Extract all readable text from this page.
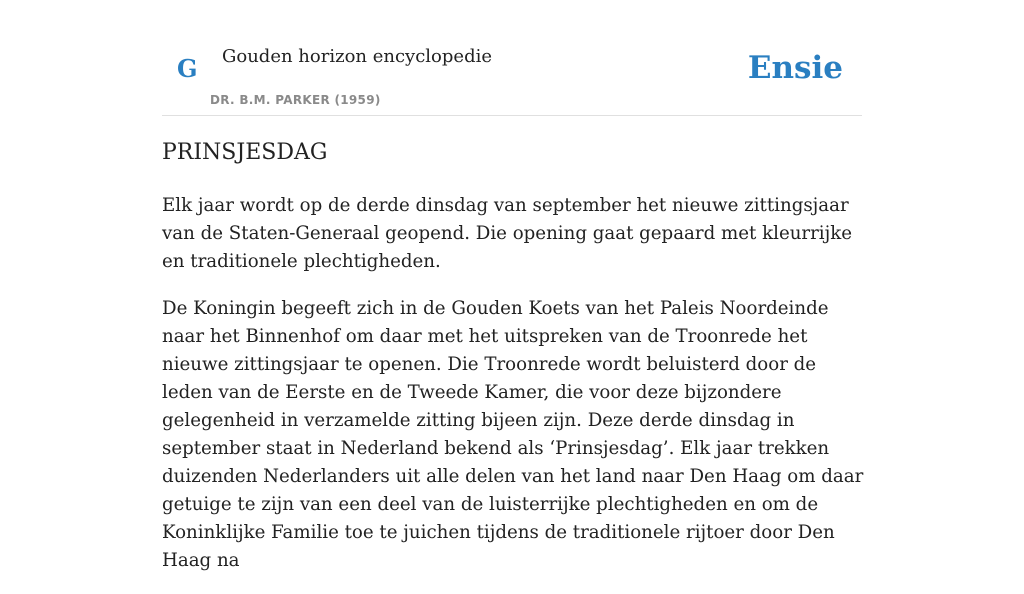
G Gouden horizon encyclopedie
DR. B.M. PARKER (1959)
Ensie
PRINSJESDAG

Elk jaar wordt op de derde dinsdag van september het nieuwe zittingsjaar van de Staten-Generaal geopend. Die opening gaat gepaard met kleurrijke en traditionele plechtigheden.

De Koningin begeeft zich in de Gouden Koets van het Paleis Noordeinde naar het Binnenhof om daar met het uitspreken van de Troonrede het nieuwe zittingsjaar te openen. Die Troonrede wordt beluisterd door de leden van de Eerste en de Tweede Kamer, die voor deze bijzondere gelegenheid in verzamelde zitting bijeen zijn. Deze derde dinsdag in september staat in Nederland bekend als ‘Prinsjesdag’. Elk jaar trekken duizenden Nederlanders uit alle delen van het land naar Den Haag om daar getuige te zijn van een deel van de luisterrijke plechtigheden en om de Koninklijke Familie toe te juichen tijdens de traditionele rijtoer door Den Haag na
